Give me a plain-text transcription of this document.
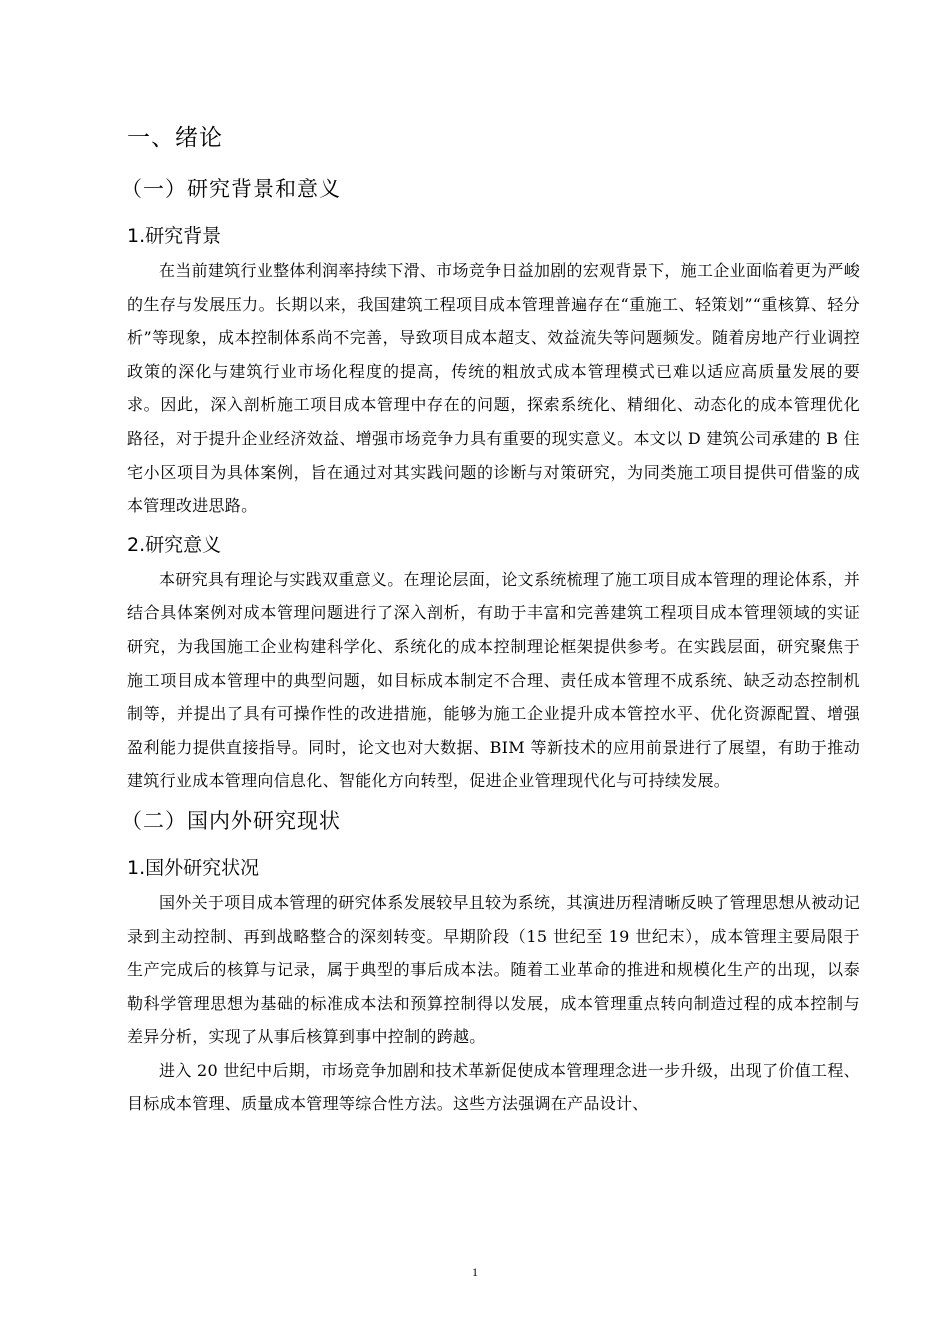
一、绪论
（一）研究背景和意义
1.研究背景

在当前建筑行业整体利润率持续下滑、市场竞争日益加剧的宏观背景下，施工企业面临着更为严峻的生存与发展压力。长期以来，我国建筑工程项目成本管理普遍存在“重施工、轻策划”“重核算、轻分析”等现象，成本控制体系尚不完善，导致项目成本超支、效益流失等问题频发。随着房地产行业调控政策的深化与建筑行业市场化程度的提高，传统的粗放式成本管理模式已难以适应高质量发展的要求。因此，深入剖析施工项目成本管理中存在的问题，探索系统化、精细化、动态化的成本管理优化路径，对于提升企业经济效益、增强市场竞争力具有重要的现实意义。本文以 D 建筑公司承建的 B 住宅小区项目为具体案例，旨在通过对其实践问题的诊断与对策研究，为同类施工项目提供可借鉴的成本管理改进思路。

2.研究意义

本研究具有理论与实践双重意义。在理论层面，论文系统梳理了施工项目成本管理的理论体系，并结合具体案例对成本管理问题进行了深入剖析，有助于丰富和完善建筑工程项目成本管理领域的实证研究，为我国施工企业构建科学化、系统化的成本控制理论框架提供参考。在实践层面，研究聚焦于施工项目成本管理中的典型问题，如目标成本制定不合理、责任成本管理不成系统、缺乏动态控制机制等，并提出了具有可操作性的改进措施，能够为施工企业提升成本管控水平、优化资源配置、增强盈利能力提供直接指导。同时，论文也对大数据、BIM 等新技术的应用前景进行了展望，有助于推动建筑行业成本管理向信息化、智能化方向转型，促进企业管理现代化与可持续发展。

（二）国内外研究现状
1.国外研究状况

国外关于项目成本管理的研究体系发展较早且较为系统，其演进历程清晰反映了管理思想从被动记录到主动控制、再到战略整合的深刻转变。早期阶段（15 世纪至 19 世纪末），成本管理主要局限于生产完成后的核算与记录，属于典型的事后成本法。随着工业革命的推进和规模化生产的出现，以泰勒科学管理思想为基础的标准成本法和预算控制得以发展，成本管理重点转向制造过程的成本控制与差异分析，实现了从事后核算到事中控制的跨越。

进入 20 世纪中后期，市场竞争加剧和技术革新促使成本管理理念进一步升级，出现了价值工程、目标成本管理、质量成本管理等综合性方法。这些方法强调在产品设计、

1
